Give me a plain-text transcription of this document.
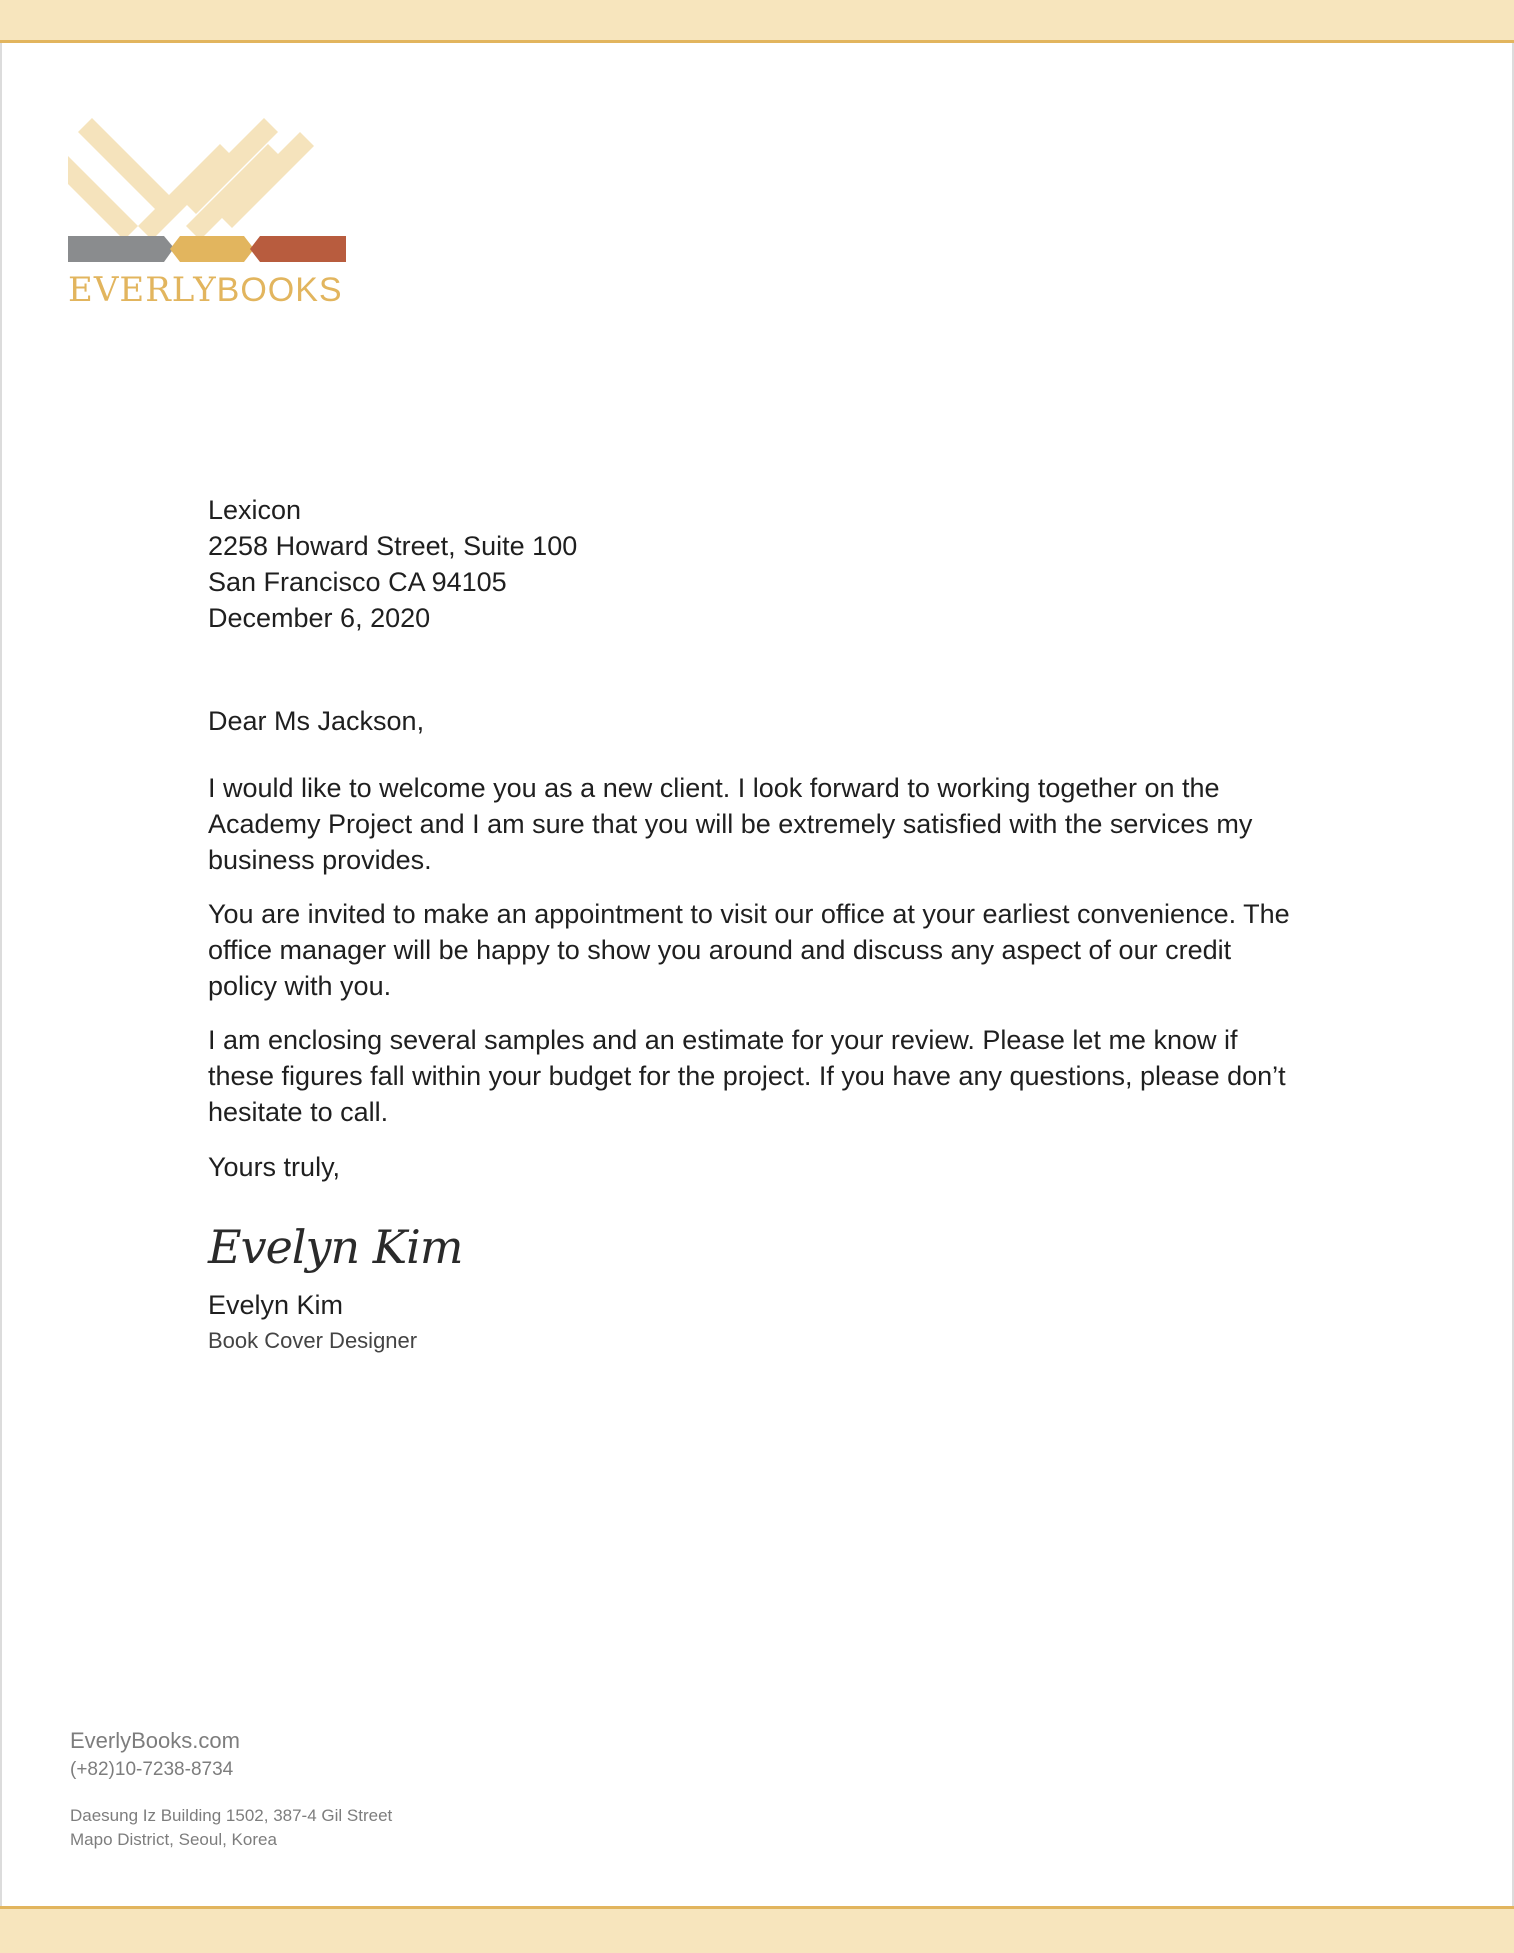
EVERLYBOOKS
Lexicon
2258 Howard Street, Suite 100
San Francisco CA 94105
December 6, 2020
Dear Ms Jackson,

I would like to welcome you as a new client. I look forward to working together on the Academy Project and I am sure that you will be extremely satisfied with the services my business provides.

You are invited to make an appointment to visit our office at your earliest convenience. The office manager will be happy to show you around and discuss any aspect of our credit policy with you.

I am enclosing several samples and an estimate for your review. Please let me know if these figures fall within your budget for the project. If you have any questions, please don’t hesitate to call.

Yours truly,
Evelyn Kim
Evelyn Kim
Book Cover Designer
EverlyBooks.com
(+82)10-7238-8734
Daesung Iz Building 1502, 387-4 Gil Street
Mapo District, Seoul, Korea
